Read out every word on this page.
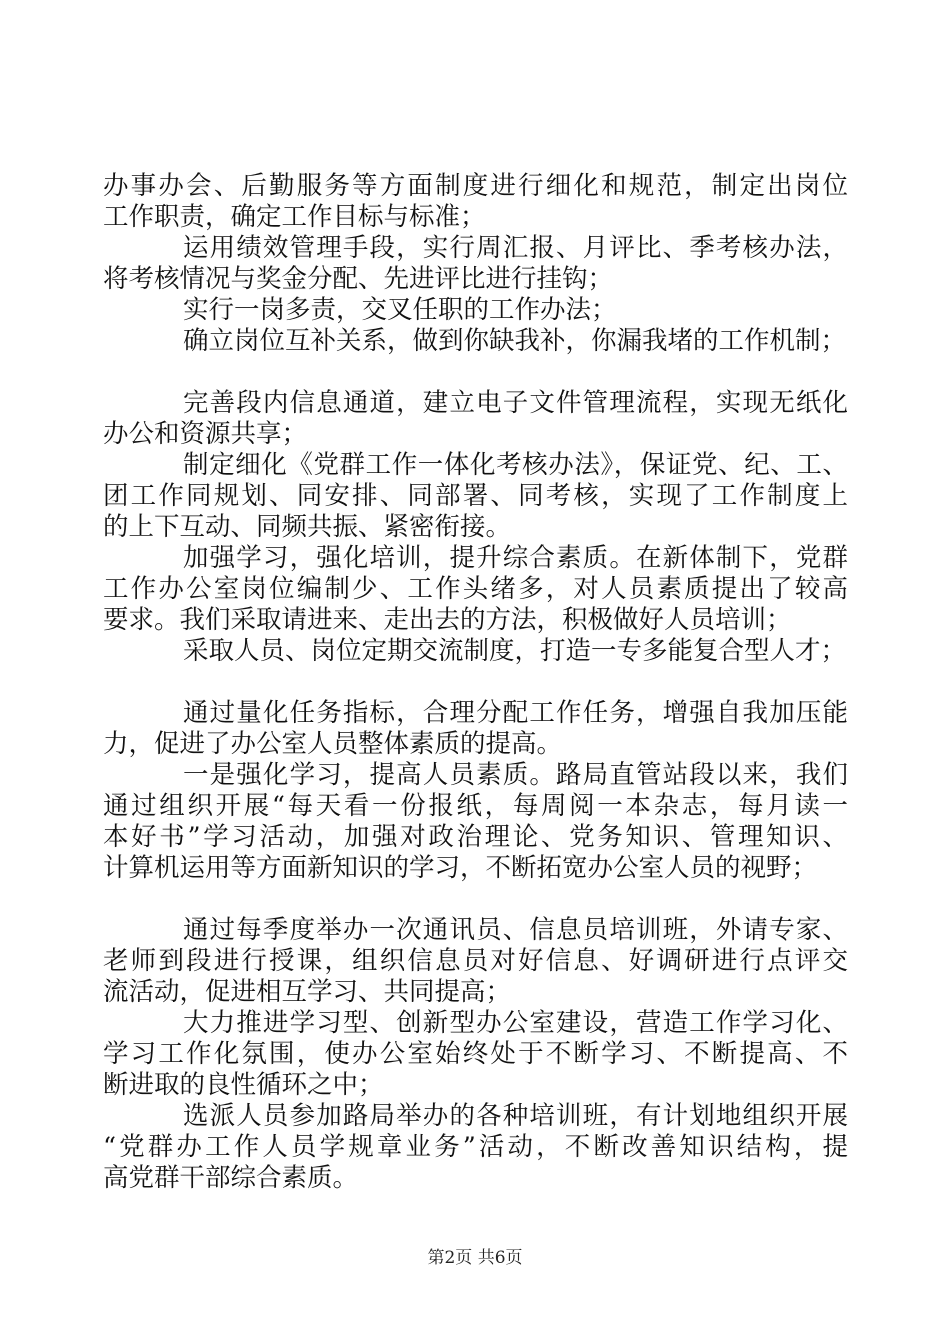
办事办会、后勤服务等方面制度进行细化和规范，制定出岗位
工作职责，确定工作目标与标准；
运用绩效管理手段，实行周汇报、月评比、季考核办法，
将考核情况与奖金分配、先进评比进行挂钩；
实行一岗多责，交叉任职的工作办法；
确立岗位互补关系，做到你缺我补，你漏我堵的工作机制；
完善段内信息通道，建立电子文件管理流程，实现无纸化
办公和资源共享；
制定细化《党群工作一体化考核办法》，保证党、纪、工、
团工作同规划、同安排、同部署、同考核，实现了工作制度上
的上下互动、同频共振、紧密衔接。
加强学习，强化培训，提升综合素质。在新体制下，党群
工作办公室岗位编制少、工作头绪多，对人员素质提出了较高
要求。我们采取请进来、走出去的方法，积极做好人员培训；
采取人员、岗位定期交流制度，打造一专多能复合型人才；
通过量化任务指标，合理分配工作任务，增强自我加压能
力，促进了办公室人员整体素质的提高。
一是强化学习，提高人员素质。路局直管站段以来，我们
通过组织开展“每天看一份报纸，每周阅一本杂志，每月读一
本好书”学习活动，加强对政治理论、党务知识、管理知识、
计算机运用等方面新知识的学习，不断拓宽办公室人员的视野；
通过每季度举办一次通讯员、信息员培训班，外请专家、
老师到段进行授课，组织信息员对好信息、好调研进行点评交
流活动，促进相互学习、共同提高；
大力推进学习型、创新型办公室建设，营造工作学习化、
学习工作化氛围，使办公室始终处于不断学习、不断提高、不
断进取的良性循环之中；
选派人员参加路局举办的各种培训班，有计划地组织开展
“党群办工作人员学规章业务”活动，不断改善知识结构，提
高党群干部综合素质。
第2页 共6页
